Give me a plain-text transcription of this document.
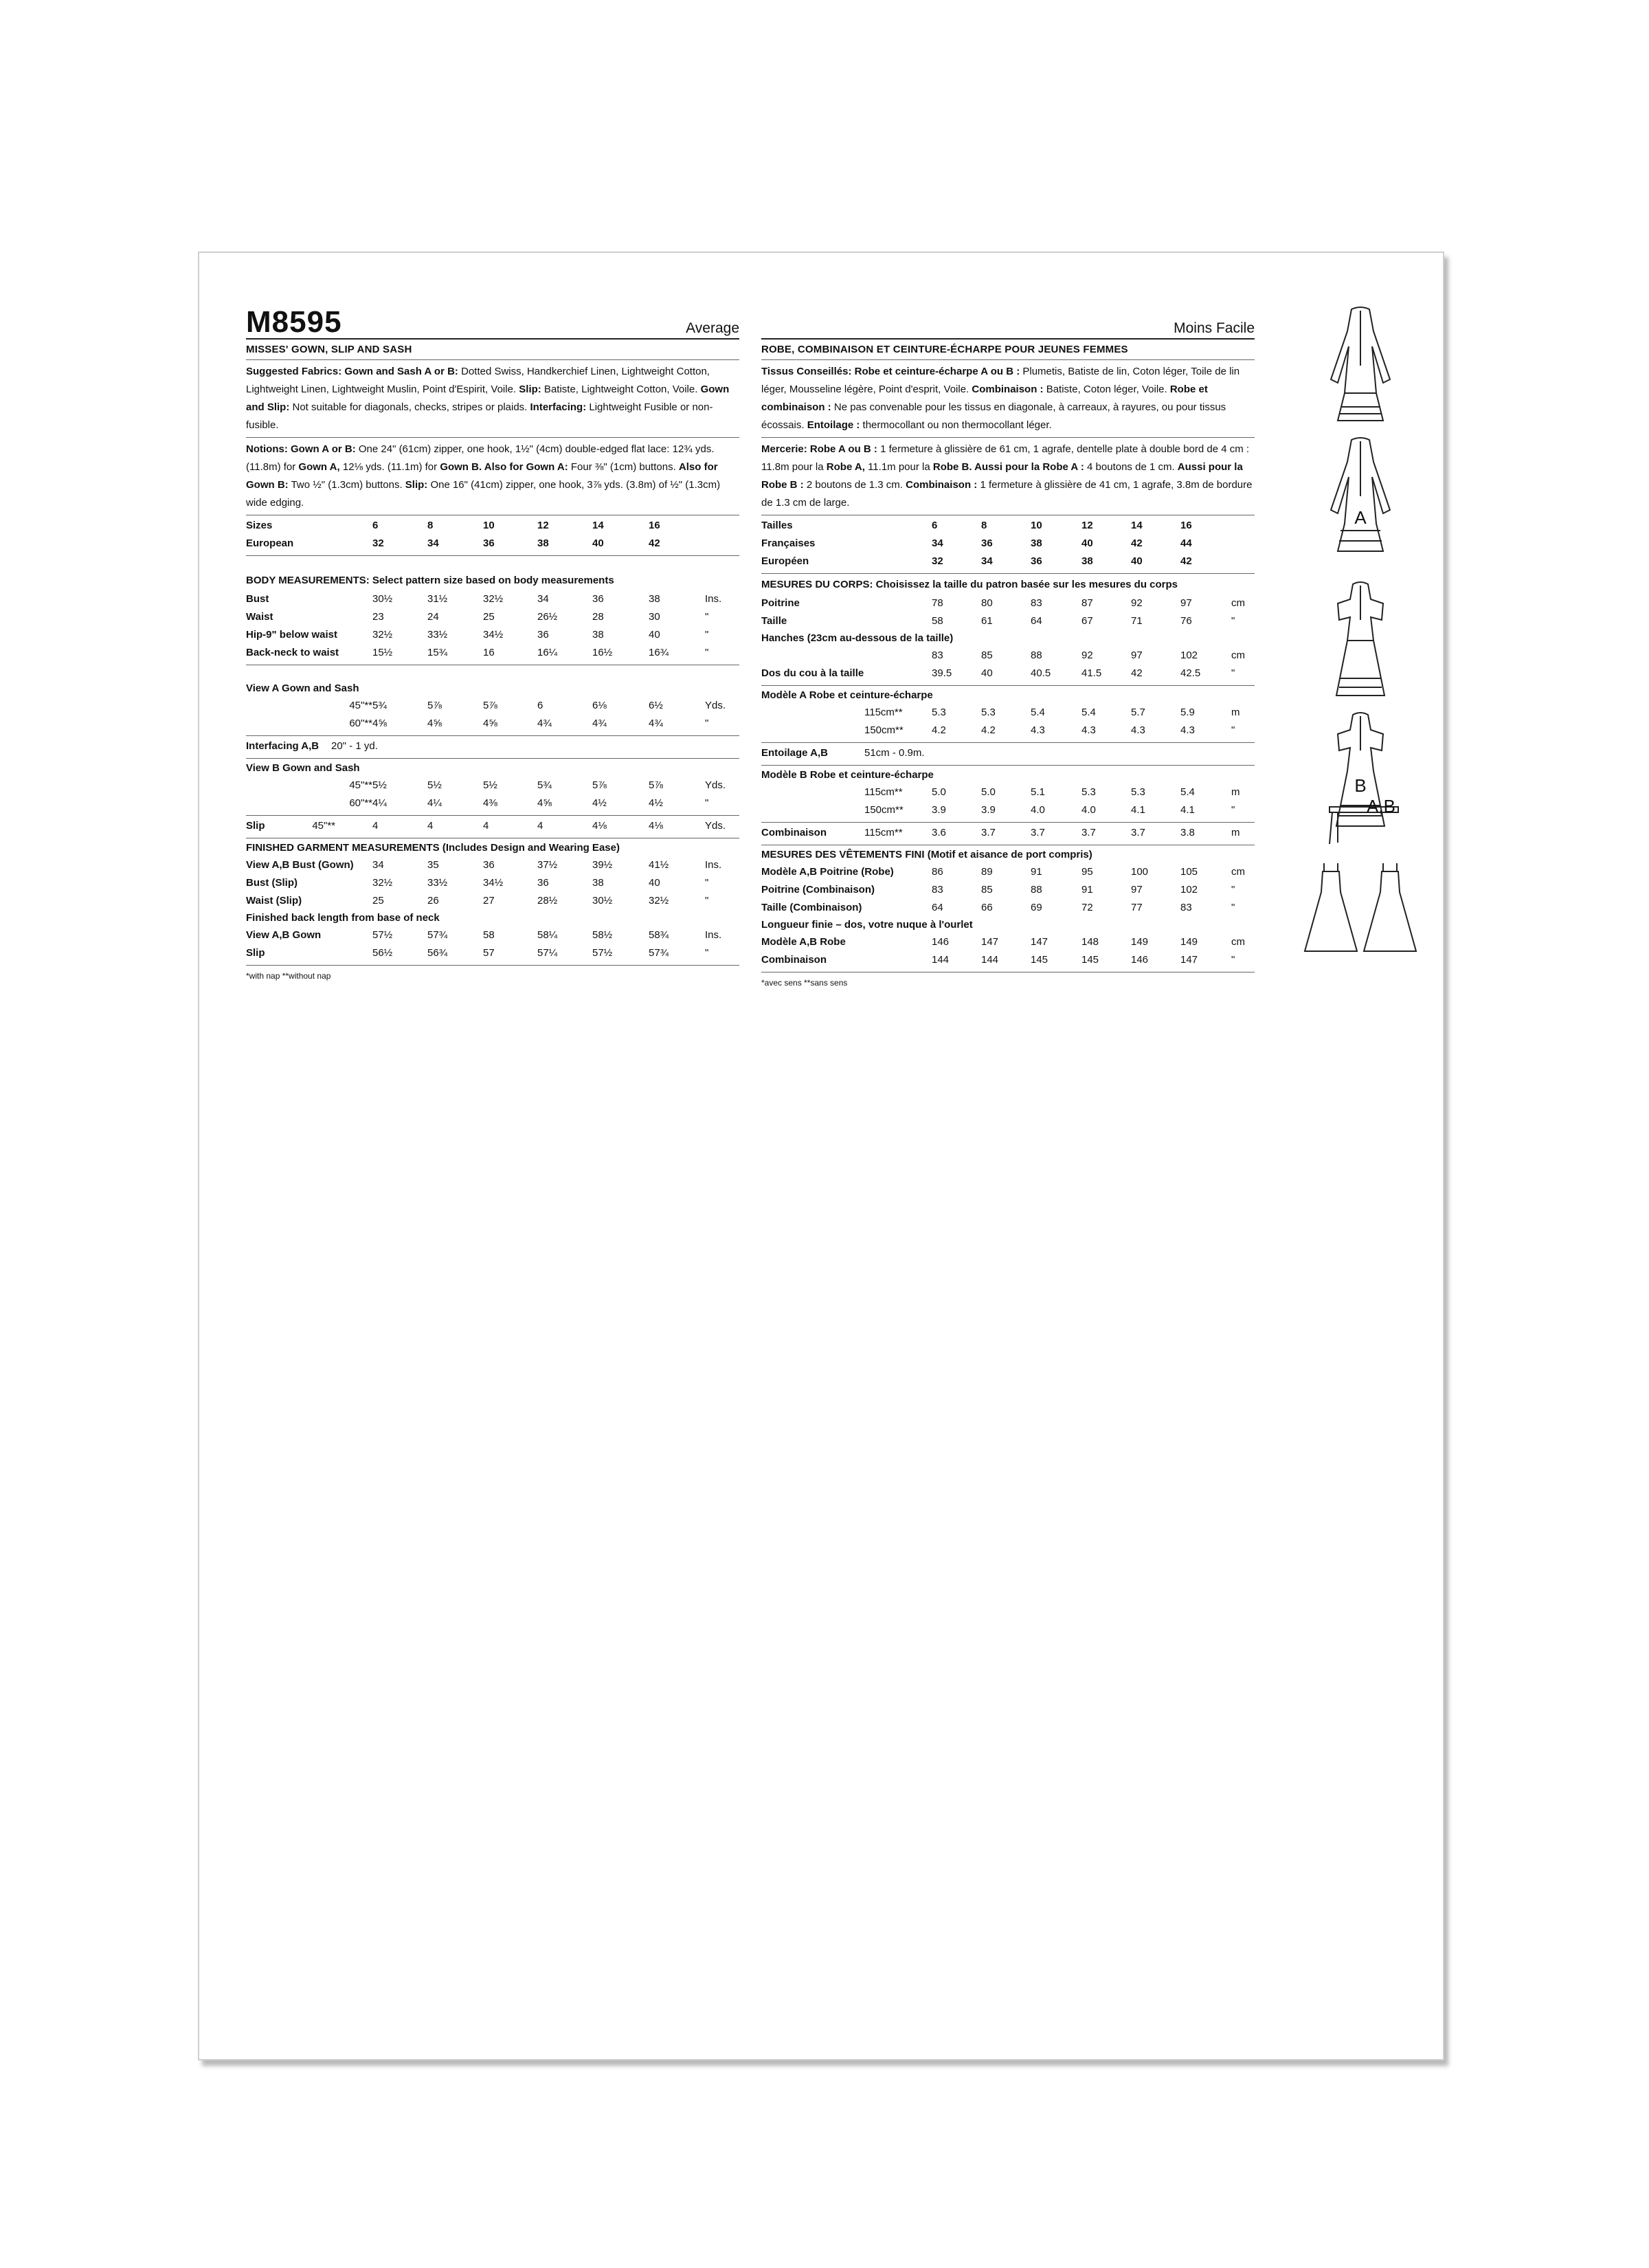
M8595	Average
MISSES' GOWN, SLIP AND SASH
Suggested Fabrics: Gown and Sash A or B: Dotted Swiss, Handkerchief Linen, Lightweight Cotton, Lightweight Linen, Lightweight Muslin, Point d'Espirit, Voile. Slip: Batiste, Lightweight Cotton, Voile. Gown and Slip: Not suitable for diagonals, checks, stripes or plaids. Interfacing: Lightweight Fusible or non-fusible.
Notions: Gown A or B: One 24" (61cm) zipper, one hook, 1½" (4cm) double-edged flat lace: 12¾ yds. (11.8m) for Gown A, 12⅛ yds. (11.1m) for Gown B. Also for Gown A: Four ⅜" (1cm) buttons. Also for Gown B: Two ½" (1.3cm) buttons. Slip: One 16" (41cm) zipper, one hook, 3⅞ yds. (3.8m) of ½" (1.3cm) wide edging.
Sizes	6	8	10	12	14	16
European	32	34	36	38	40	42
BODY MEASUREMENTS: Select pattern size based on body measurements
Bust	30½	31½	32½	34	36	38	Ins.
Waist	23	24	25	26½	28	30	"
Hip-9" below waist	32½	33½	34½	36	38	40	"
Back-neck to waist	15½	15¾	16	16¼	16½	16¾	"
View A Gown and Sash
45"** 5¾	5⅞	5⅞	6	6⅛	6½	Yds.
60"** 4⅝	4⅝	4⅝	4¾	4¾	4¾	"
Interfacing A,B 20" - 1 yd.
View B Gown and Sash
45"** 5½	5½	5½	5¾	5⅞	5⅞	Yds.
60"** 4¼	4¼	4⅜	4⅝	4½	4½	"
Slip	45"**	4	4	4	4	4⅛	4⅛	Yds.
FINISHED GARMENT MEASUREMENTS (Includes Design and Wearing Ease)
View A,B Bust (Gown) 34	35	36	37½	39½	41½	Ins.
Bust (Slip)	32½	33½	34½	36	38	40	"
Waist (Slip)	25	26	27	28½	30½	32½	"
Finished back length from base of neck
View A,B Gown	57½	57¾	58	58¼	58½	58¾	Ins.
Slip	56½	56¾	57	57¼	57½	57¾	"
*with nap **without nap
Moins Facile
ROBE, COMBINAISON ET CEINTURE-ÉCHARPE POUR JEUNES FEMMES
Tissus Conseillés: Robe et ceinture-écharpe A ou B : Plumetis, Batiste de lin, Coton léger, Toile de lin léger, Mousseline légère, Point d'esprit, Voile. Combinaison : Batiste, Coton léger, Voile. Robe et combinaison : Ne pas convenable pour les tissus en diagonale, à carreaux, à rayures, ou pour tissus écossais. Entoilage : thermocollant ou non thermocollant léger.
Mercerie: Robe A ou B : 1 fermeture à glissière de 61 cm, 1 agrafe, dentelle plate à double bord de 4 cm : 11.8m pour la Robe A, 11.1m pour la Robe B. Aussi pour la Robe A : 4 boutons de 1 cm. Aussi pour la Robe B : 2 boutons de 1.3 cm. Combinaison : 1 fermeture à glissière de 41 cm, 1 agrafe, 3.8m de bordure de 1.3 cm de large.
Tailles	6	8	10	12	14	16
Françaises	34	36	38	40	42	44
Européen	32	34	36	38	40	42
MESURES DU CORPS: Choisissez la taille du patron basée sur les mesures du corps
Poitrine	78	80	83	87	92	97	cm
Taille	58	61	64	67	71	76	"
Hanches (23cm au-dessous de la taille)
83	85	88	92	97	102	cm
Dos du cou à la taille	39.5	40	40.5	41.5	42	42.5	"
Modèle A Robe et ceinture-écharpe
115cm**	5.3	5.3	5.4	5.4	5.7	5.9	m
150cm**	4.2	4.2	4.3	4.3	4.3	4.3	"
Entoilage A,B	51cm - 0.9m.
Modèle B Robe et ceinture-écharpe
115cm**	5.0	5.0	5.1	5.3	5.3	5.4	m
150cm**	3.9	3.9	4.0	4.0	4.1	4.1	"
Combinaison	115cm**	3.6	3.7	3.7	3.7	3.7	3.8	m
MESURES DES VÊTEMENTS FINI (Motif et aisance de port compris)
Modèle A,B Poitrine (Robe)	86	89	91	95	100	105	cm
Poitrine (Combinaison)	83	85	88	91	97	102	"
Taille (Combinaison)	64	66	69	72	77	83	"
Longueur finie – dos, votre nuque à l'ourlet
Modèle A,B Robe	146	147	147	148	149	149	cm
Combinaison	144	144	145	145	146	147	"
*avec sens **sans sens
A
B
A,B
